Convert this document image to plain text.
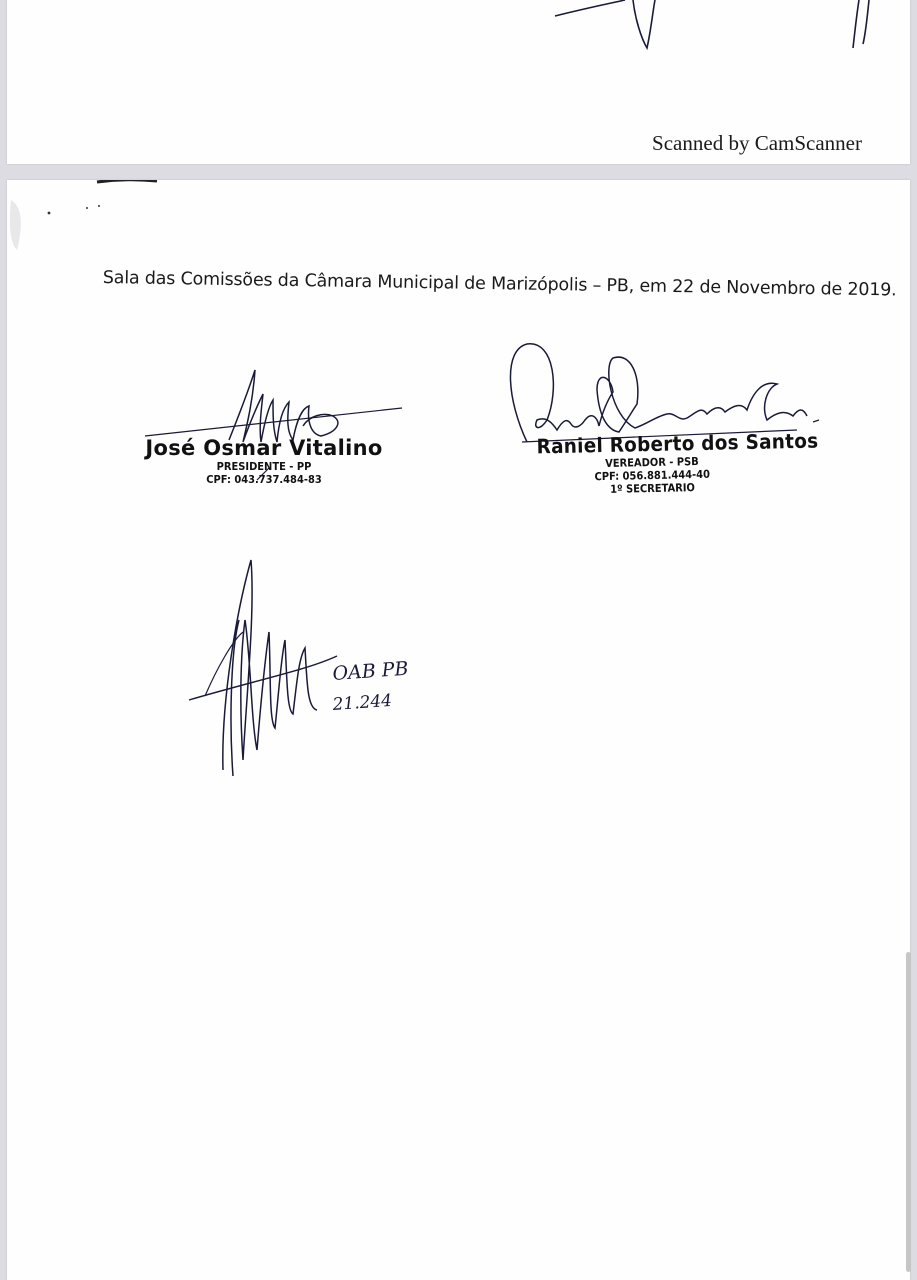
Scanned by CamScanner
Sala das Comissões da Câmara Municipal de Marizópolis – PB, em 22 de Novembro de 2019.
José Osmar Vitalino
PRESIDENTE - PP
CPF: 043.737.484-83
Raniel Roberto dos Santos
VEREADOR - PSB
CPF: 056.881.444-40
1º SECRETARIO
OAB PB
21.244
